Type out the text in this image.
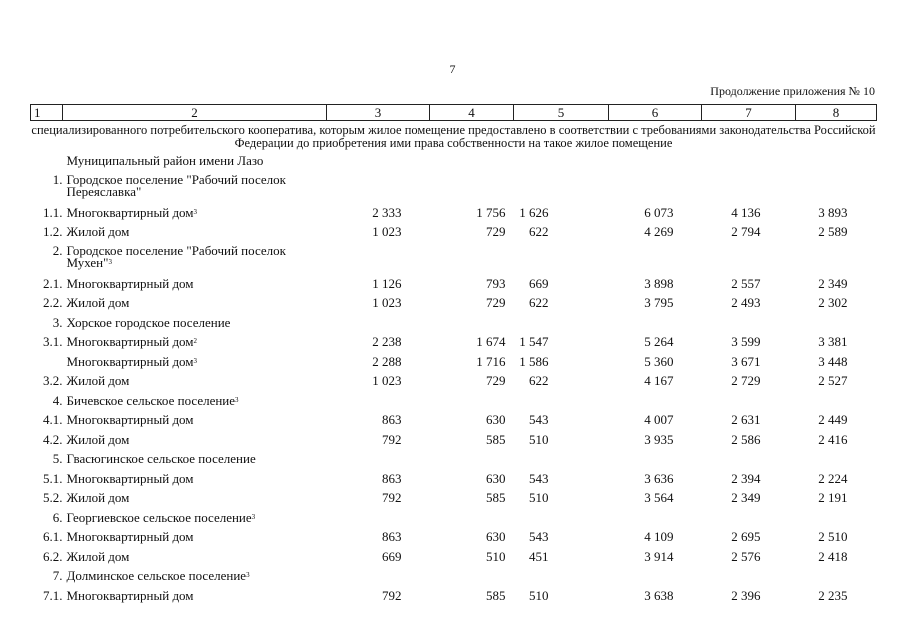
7
Продолжение приложения № 10
1	2	3	4	5	6	7	8
специализированного потребительского кооператива, которым жилое помещение предоставлено в соответствии с требованиями законодательства Российской Федерации до приобретения ими права собственности на такое жилое помещение							
	Муниципальный район имени Лазо						
1.	Городское поселение "Рабочий поселок Переяславка"						
1.1.	Многоквартирный дом$^3$	2 333	1 756	1 626	6 073	4 136	3 893
1.2.	Жилой дом	1 023	729	622	4 269	2 794	2 589
2.	Городское поселение "Рабочий поселок Мухен"$^3$	
2.1.	Многоквартирный дом	1 126	793	669	3 898	2 557	2 349
2.2.	Жилой дом	1 023	729	622	3 795	2 493	2 302
3.	Хорское городское поселение						
3.1.	Многоквартирный дом$^2$	2 238	1 674	1 547	5 264	3 599	3 381
	Многоквартирный дом$^3$	2 288	1 716	1 586	5 360	3 671	3 448
3.2.	Жилой дом	1 023	729	622	4 167	2 729	2 527
4.	Бичевское сельское поселение$^3$	
4.1.	Многоквартирный дом	863	630	543	4 007	2 631	2 449
4.2.	Жилой дом	792	585	510	3 935	2 586	2 416
5.	Гвасюгинское сельское поселение						
5.1.	Многоквартирный дом	863	630	543	3 636	2 394	2 224
5.2.	Жилой дом	792	585	510	3 564	2 349	2 191
6.	Георгиевское сельское поселение$^3$	
6.1.	Многоквартирный дом	863	630	543	4 109	2 695	2 510
6.2.	Жилой дом	669	510	451	3 914	2 576	2 418
7.	Долминское сельское поселение$^3$	
7.1.	Многоквартирный дом	792	585	510	3 638	2 396	2 235
